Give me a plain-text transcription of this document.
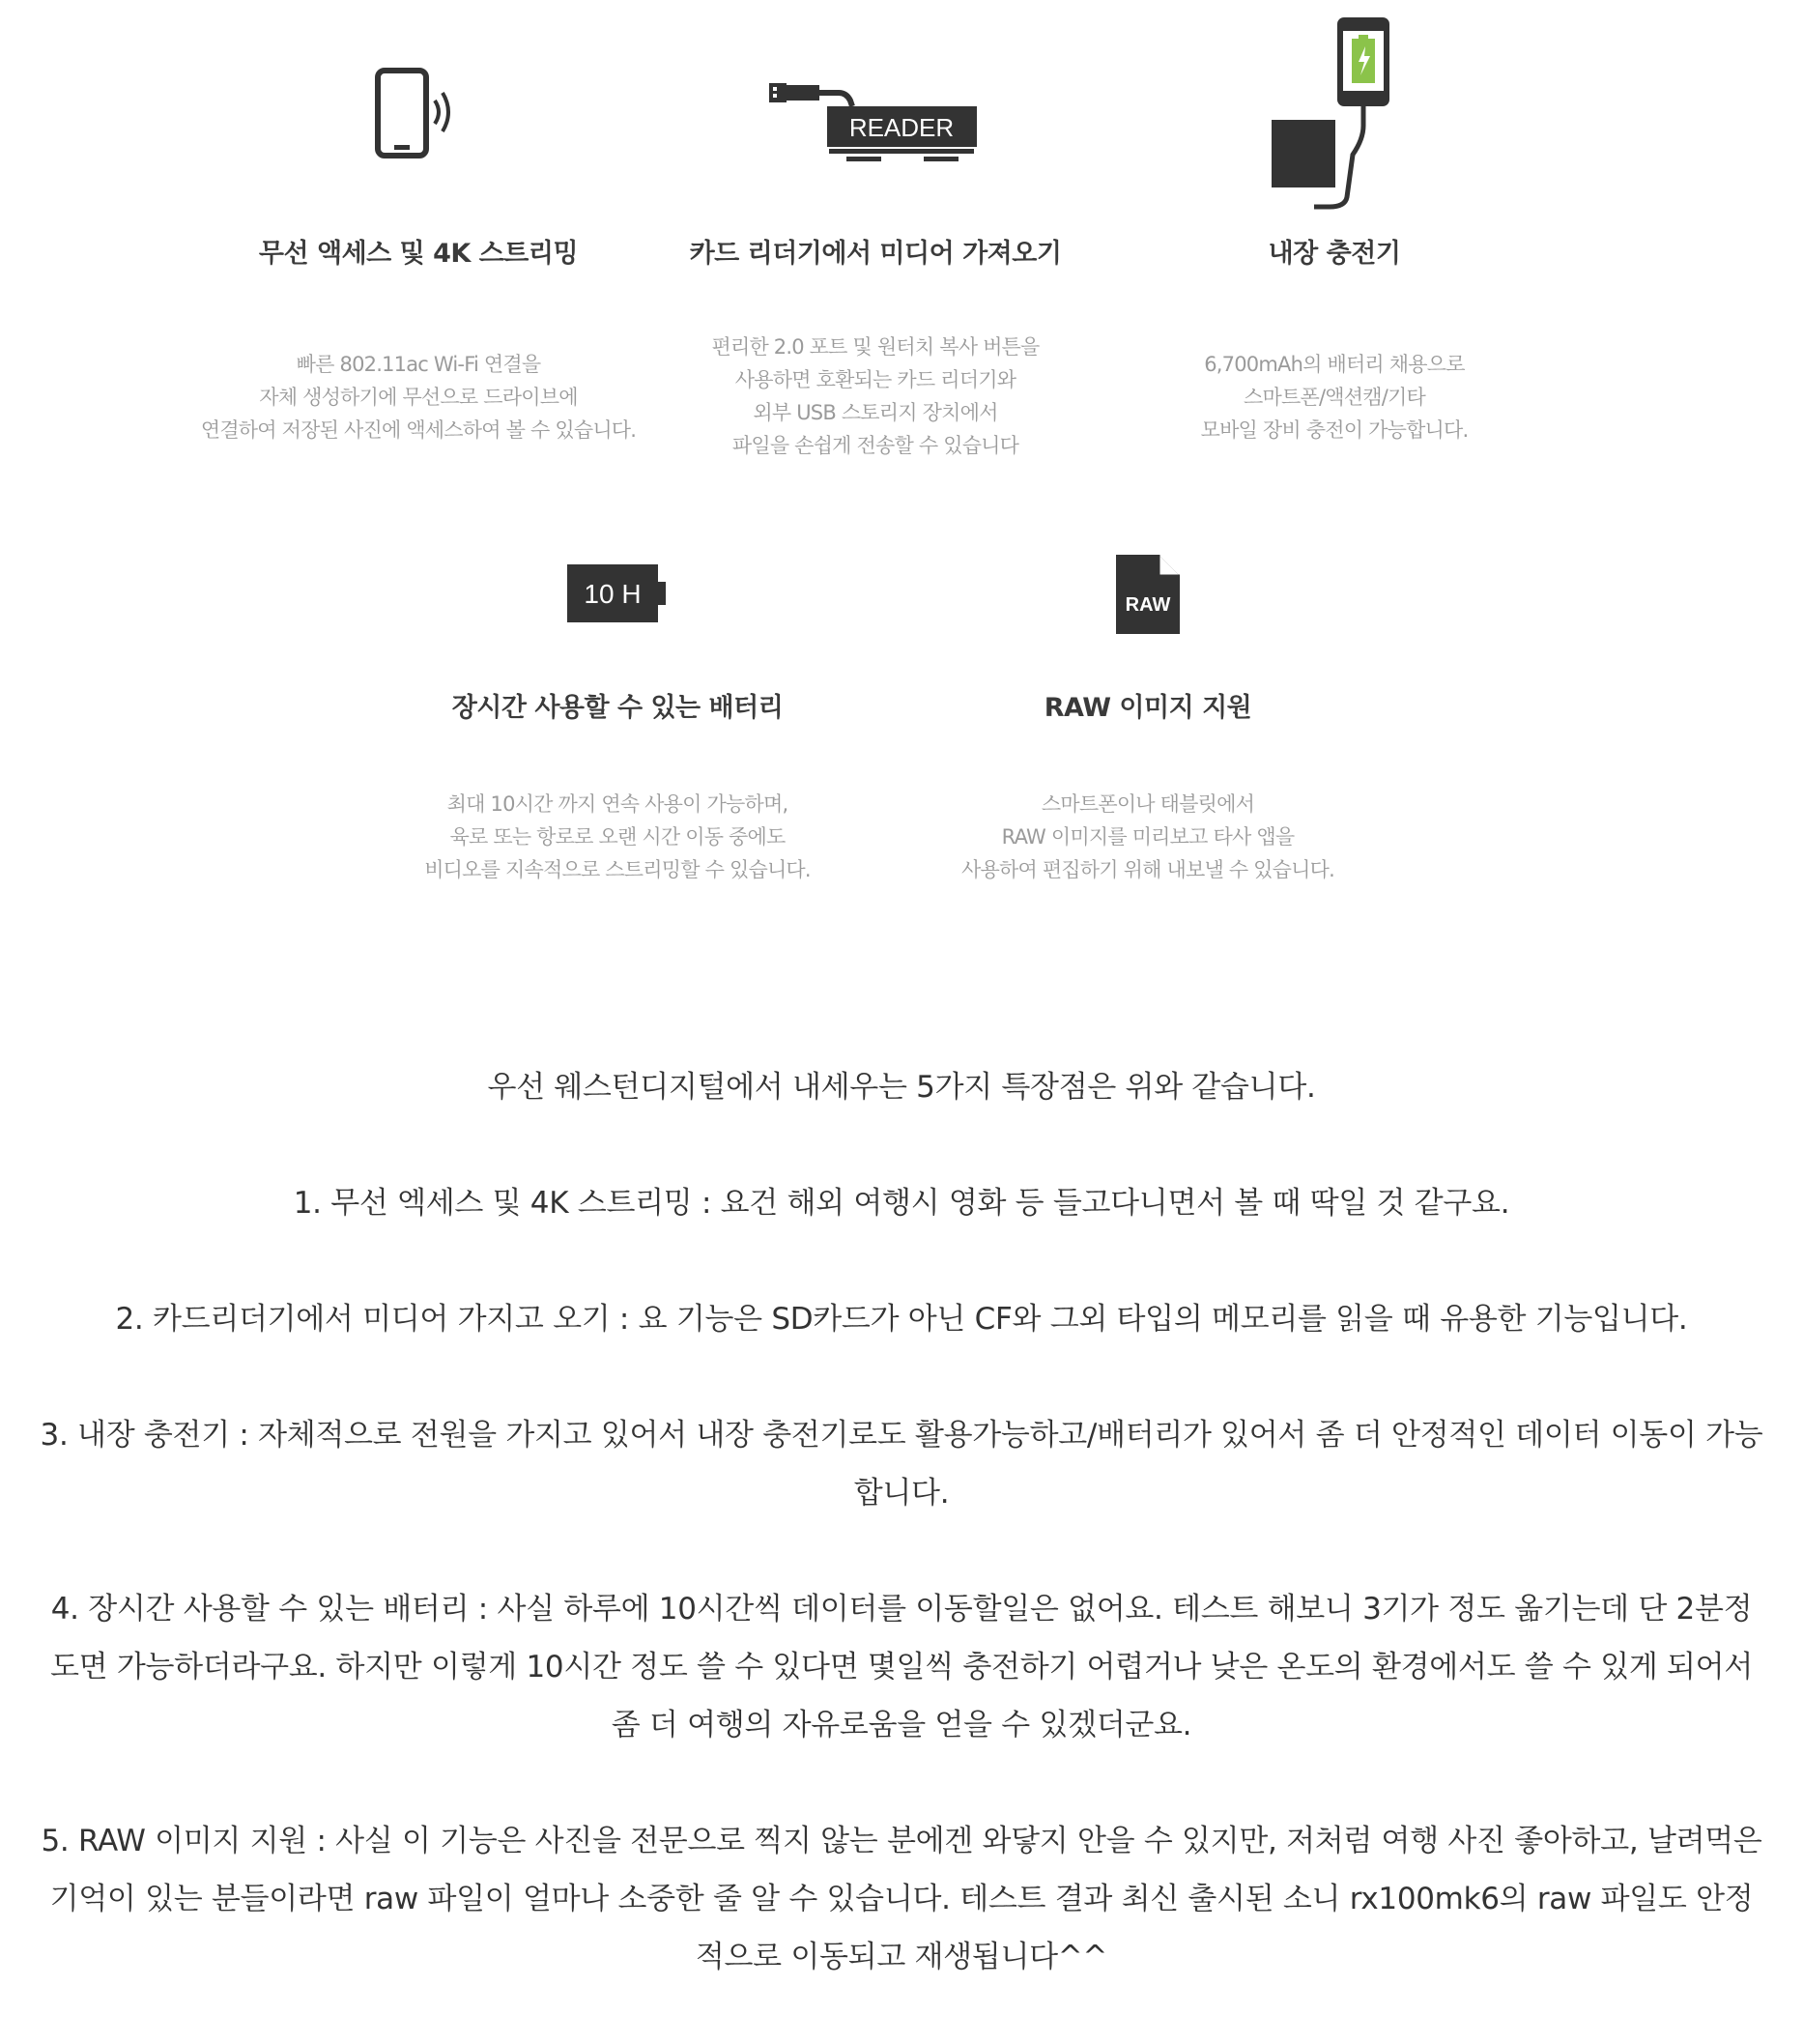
무선 액세스 및 4K 스트리밍
빠른 802.11ac Wi-Fi 연결을
자체 생성하기에 무선으로 드라이브에
연결하여 저장된 사진에 액세스하여 볼 수 있습니다.
READER
카드 리더기에서 미디어 가져오기
편리한 2.0 포트 및 원터치 복사 버튼을
사용하면 호환되는 카드 리더기와
외부 USB 스토리지 장치에서
파일을 손쉽게 전송할 수 있습니다
내장 충전기
6,700mAh의 배터리 채용으로
스마트폰/액션캠/기타
모바일 장비 충전이 가능합니다.
10 H
장시간 사용할 수 있는 배터리
최대 10시간 까지 연속 사용이 가능하며,
육로 또는 항로로 오랜 시간 이동 중에도
비디오를 지속적으로 스트리밍할 수 있습니다.
RAW
RAW 이미지 지원
스마트폰이나 태블릿에서
RAW 이미지를 미리보고 타사 앱을
사용하여 편집하기 위해 내보낼 수 있습니다.

우선 웨스턴디지털에서 내세우는 5가지 특장점은 위와 같습니다.

1. 무선 엑세스 및 4K 스트리밍 : 요건 해외 여행시 영화 등 들고다니면서 볼 때 딱일 것 같구요.

2. 카드리더기에서 미디어 가지고 오기 : 요 기능은 SD카드가 아닌 CF와 그외 타입의 메모리를 읽을 때 유용한 기능입니다.

3. 내장 충전기 : 자체적으로 전원을 가지고 있어서 내장 충전기로도 활용가능하고/배터리가 있어서 좀 더 안정적인 데이터 이동이 가능합니다.

4. 장시간 사용할 수 있는 배터리 : 사실 하루에 10시간씩 데이터를 이동할일은 없어요. 테스트 해보니 3기가 정도 옮기는데 단 2분정도면 가능하더라구요. 하지만 이렇게 10시간 정도 쓸 수 있다면 몇일씩 충전하기 어렵거나 낮은 온도의 환경에서도 쓸 수 있게 되어서 좀 더 여행의 자유로움을 얻을 수 있겠더군요.

5. RAW 이미지 지원 : 사실 이 기능은 사진을 전문으로 찍지 않는 분에겐 와닿지 안을 수 있지만, 저처럼 여행 사진 좋아하고, 날려먹은 기억이 있는 분들이라면 raw 파일이 얼마나 소중한 줄 알 수 있습니다. 테스트 결과 최신 출시된 소니 rx100mk6의 raw 파일도 안정적으로 이동되고 재생됩니다^^
